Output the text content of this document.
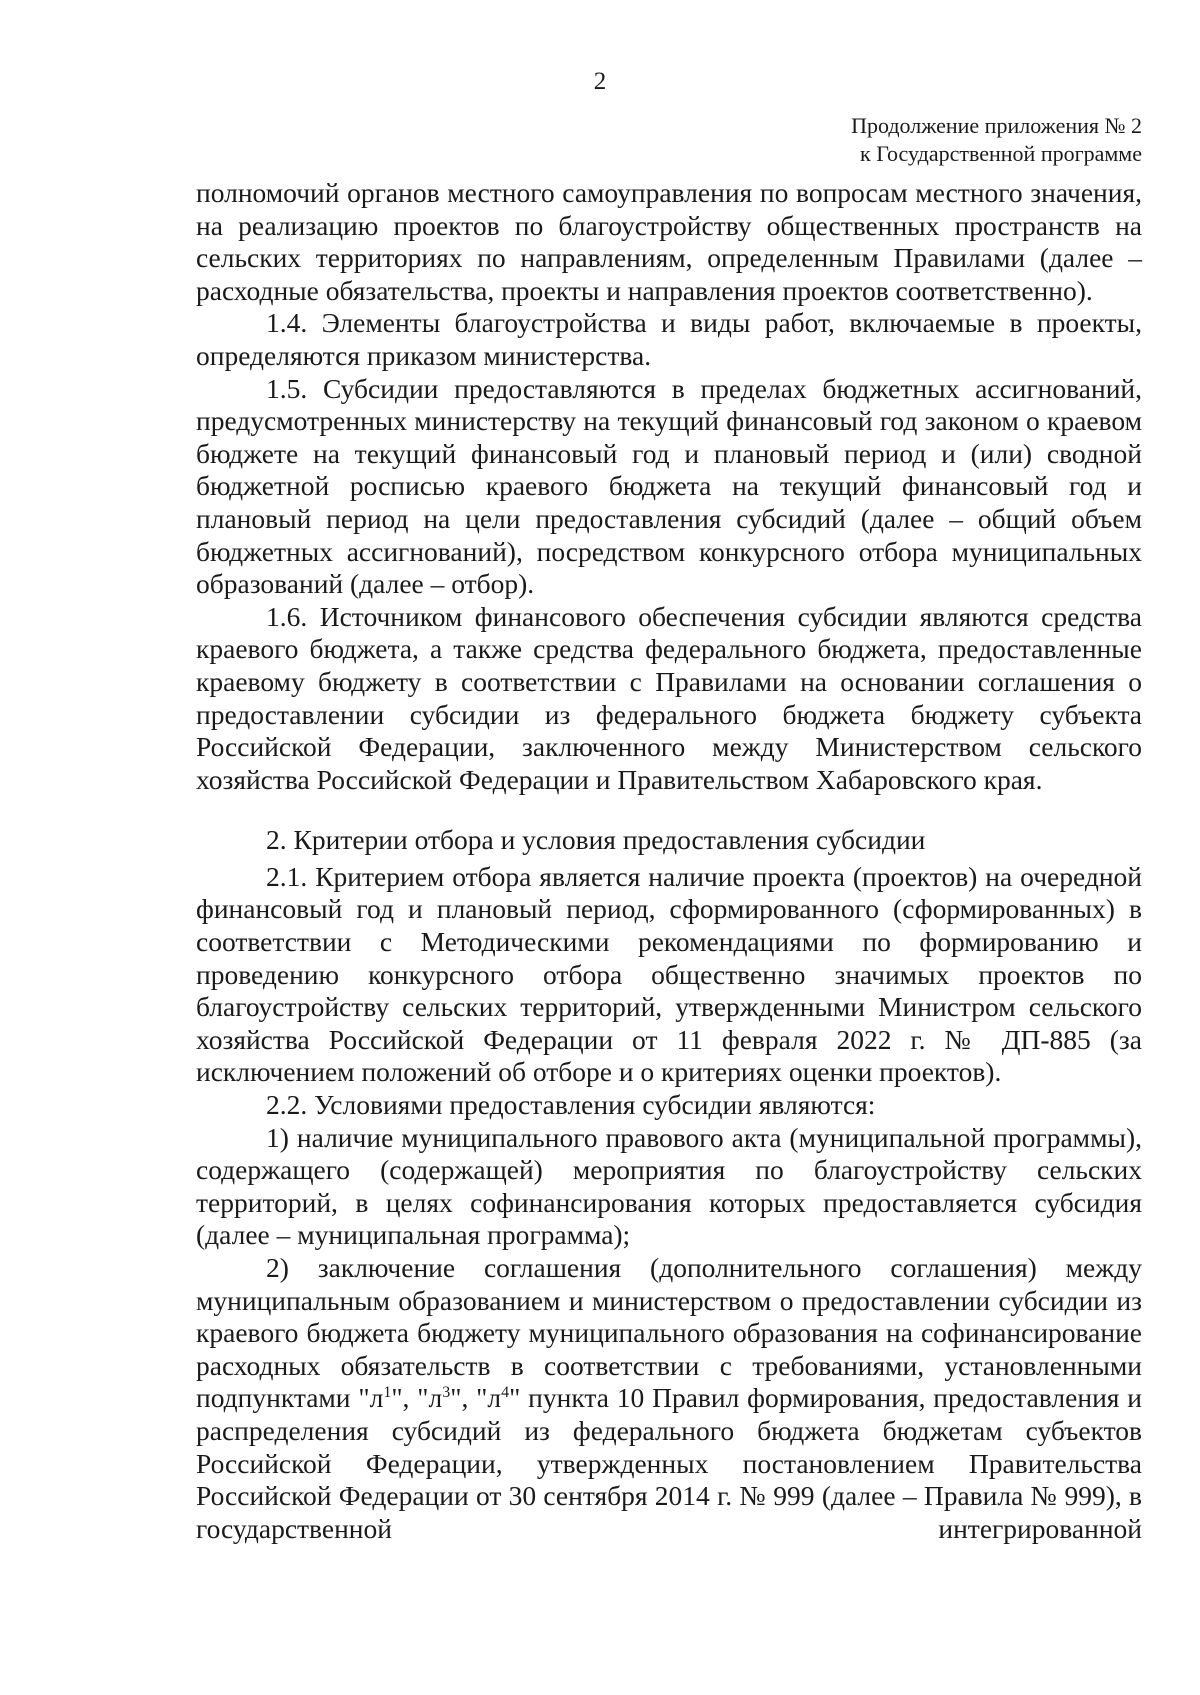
2
Продолжение приложения № 2
к Государственной программе

полномочий органов местного самоуправления по вопросам местного значения, на реализацию проектов по благоустройству общественных пространств на сельских территориях по направлениям, определенным Правилами (далее – расходные обязательства, проекты и направления проектов соответственно).

1.4. Элементы благоустройства и виды работ, включаемые в проекты, определяются приказом министерства.

1.5. Субсидии предоставляются в пределах бюджетных ассигнований, предусмотренных министерству на текущий финансовый год законом о краевом бюджете на текущий финансовый год и плановый период и (или) сводной бюджетной росписью краевого бюджета на текущий финансовый год и плановый период на цели предоставления субсидий (далее – общий объем бюджетных ассигнований), посредством конкурсного отбора муниципальных образований (далее – отбор).

1.6. Источником финансового обеспечения субсидии являются средства краевого бюджета, а также средства федерального бюджета, предоставленные краевому бюджету в соответствии с Правилами на основании соглашения о предоставлении субсидии из федерального бюджета бюджету субъекта Российской Федерации, заключенного между Министерством сельского хозяйства Российской Федерации и Правительством Хабаровского края.

2. Критерии отбора и условия предоставления субсидии

2.1. Критерием отбора является наличие проекта (проектов) на очередной финансовый год и плановый период, сформированного (сформированных) в соответствии с Методическими рекомендациями по формированию и проведению конкурсного отбора общественно значимых проектов по благоустройству сельских территорий, утвержденными Министром сельского хозяйства Российской Федерации от 11 февраля 2022 г. № ДП-885 (за исключением положений об отборе и о критериях оценки проектов).

2.2. Условиями предоставления субсидии являются:

1) наличие муниципального правового акта (муниципальной программы), содержащего (содержащей) мероприятия по благоустройству сельских территорий, в целях софинансирования которых предоставляется субсидия (далее – муниципальная программа);

2) заключение соглашения (дополнительного соглашения) между муниципальным образованием и министерством о предоставлении субсидии из краевого бюджета бюджету муниципального образования на софинансирование расходных обязательств в соответствии с требованиями, установленными подпунктами "$л^1$", "$л^3$", "$л^4$" пункта 10 Правил формирования, предоставления и распределения субсидий из федерального бюджета бюджетам субъектов Российской Федерации, утвержденных постановлением Правительства Российской Федерации от 30 сентября 2014 г. № 999 (далее – Правила № 999), в государственной интегрированной
